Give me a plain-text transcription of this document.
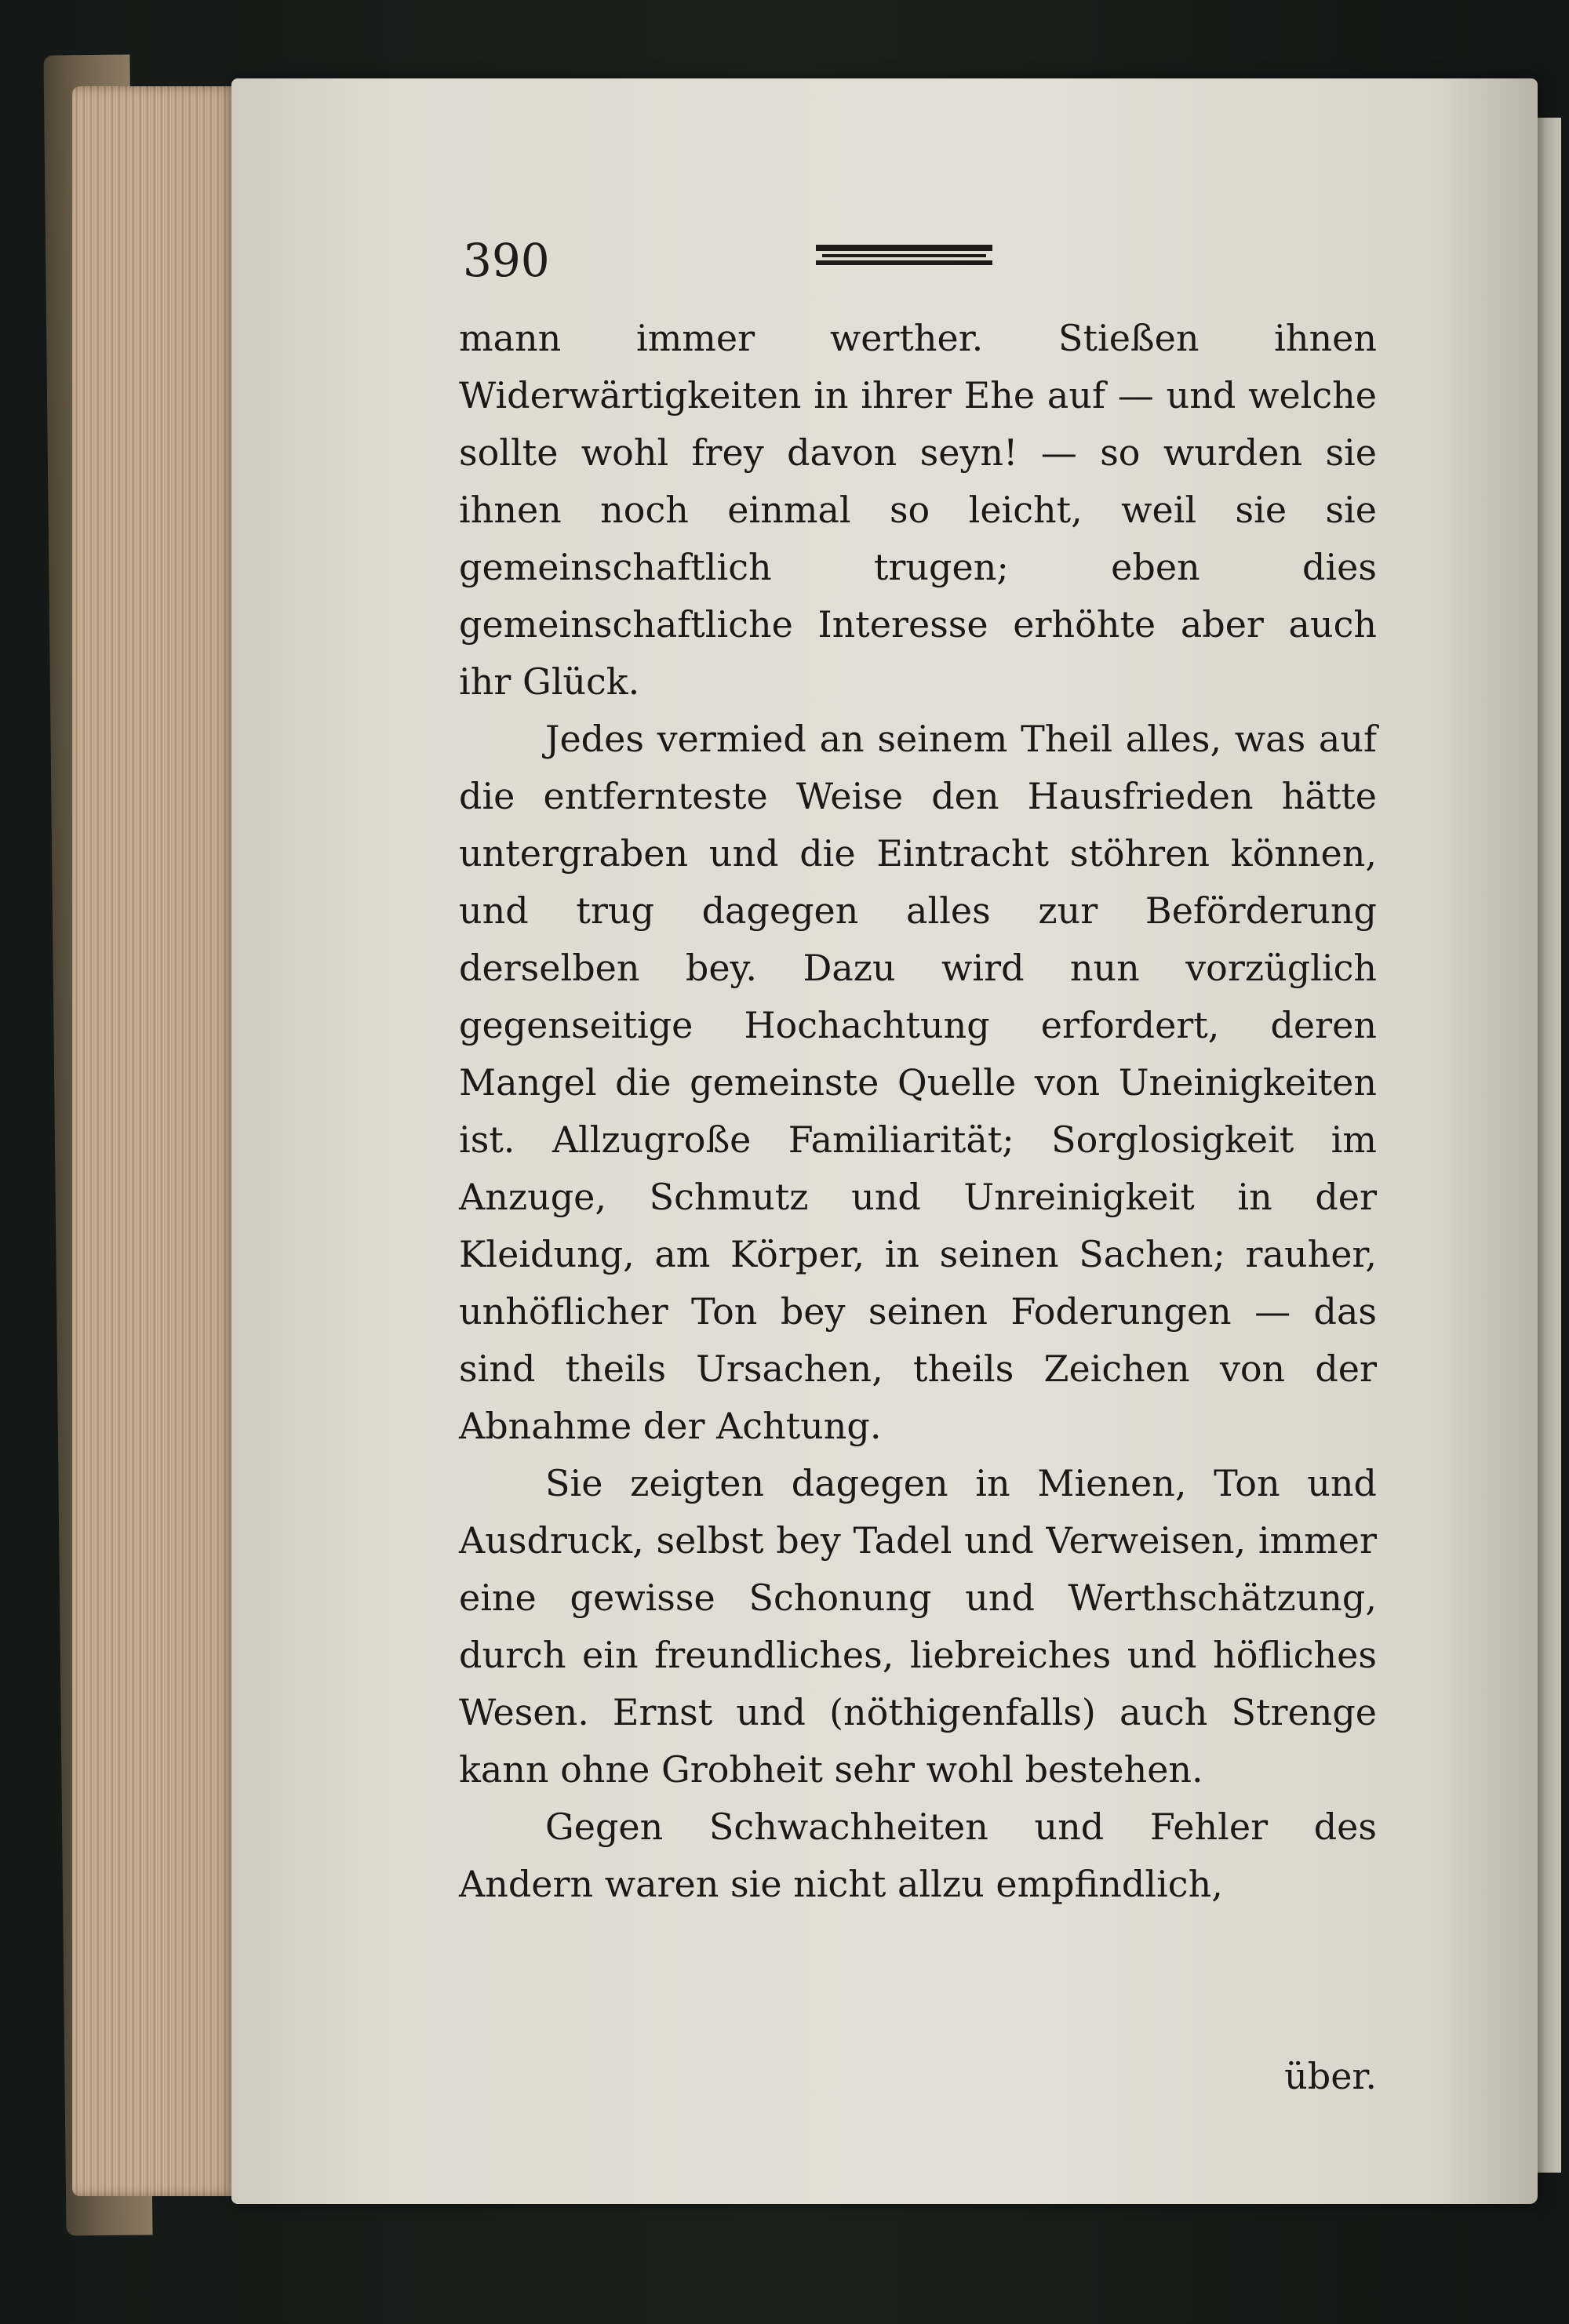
390

mann immer werther. Stießen ihnen Widerwärtigkeiten in ihrer Ehe auf — und welche sollte wohl frey davon seyn! — so wurden sie ihnen noch einmal so leicht, weil sie sie gemeinschaftlich trugen; eben dies gemeinschaftliche Interesse erhöhte aber auch ihr Glück.

Jedes vermied an seinem Theil alles, was auf die entfernteste Weise den Hausfrieden hätte untergraben und die Eintracht stöhren können, und trug dagegen alles zur Beförderung derselben bey. Dazu wird nun vorzüglich gegenseitige Hochachtung erfordert, deren Mangel die gemeinste Quelle von Uneinigkeiten ist. Allzugroße Familiarität; Sorglosigkeit im Anzuge, Schmutz und Unreinigkeit in der Kleidung, am Körper, in seinen Sachen; rauher, unhöflicher Ton bey seinen Foderungen — das sind theils Ursachen, theils Zeichen von der Abnahme der Achtung.

Sie zeigten dagegen in Mienen, Ton und Ausdruck, selbst bey Tadel und Verweisen, immer eine gewisse Schonung und Werthschätzung, durch ein freundliches, liebreiches und höfliches Wesen. Ernst und (nöthigenfalls) auch Strenge kann ohne Grobheit sehr wohl bestehen.

Gegen Schwachheiten und Fehler des Andern waren sie nicht allzu empfindlich,

über.
